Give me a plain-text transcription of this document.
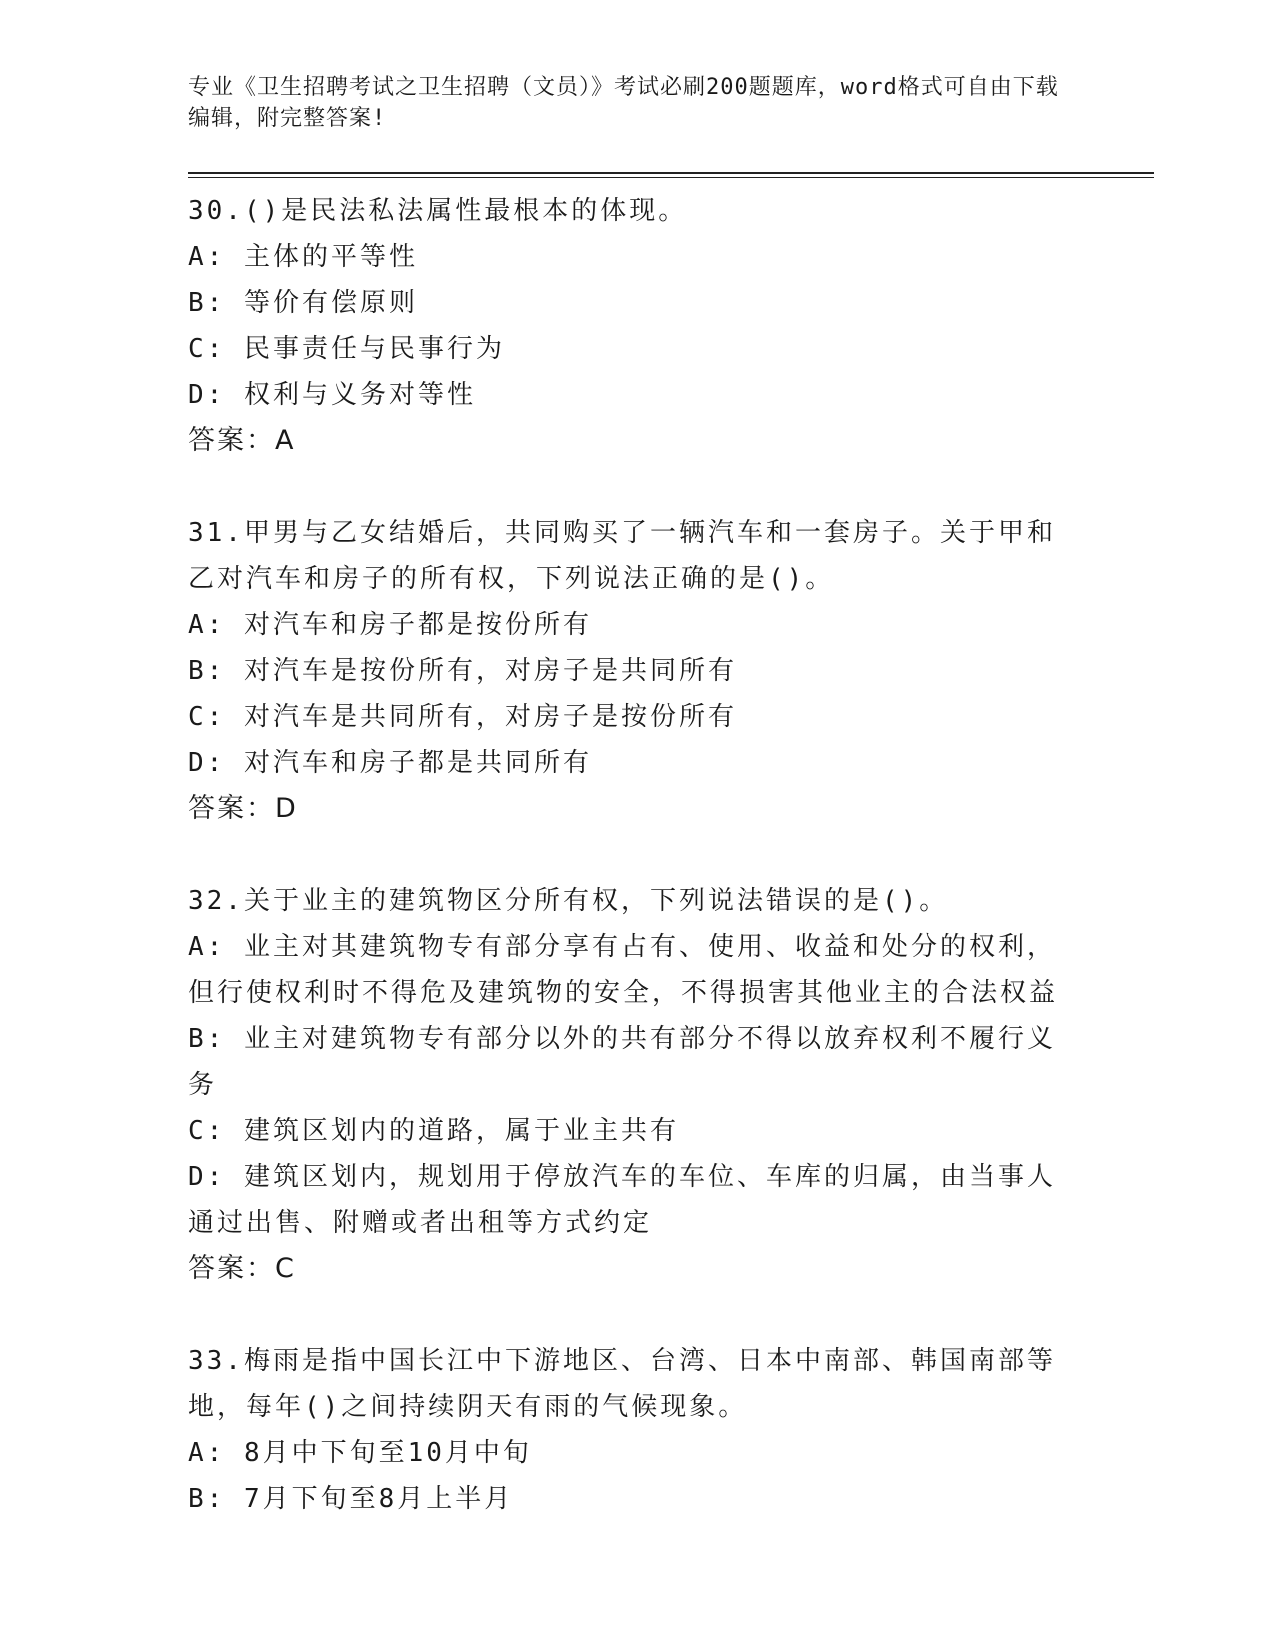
专业《卫生招聘考试之卫生招聘（文员）》考试必刷200题题库，word格式可自由下载编辑，附完整答案!

30.()是民法私法属性最根本的体现。

A: 主体的平等性

B: 等价有偿原则

C: 民事责任与民事行为

D: 权利与义务对等性

答案：A

31.甲男与乙女结婚后，共同购买了一辆汽车和一套房子。关于甲和乙对汽车和房子的所有权，下列说法正确的是()。

A: 对汽车和房子都是按份所有

B: 对汽车是按份所有，对房子是共同所有

C: 对汽车是共同所有，对房子是按份所有

D: 对汽车和房子都是共同所有

答案：D

32.关于业主的建筑物区分所有权，下列说法错误的是()。

A: 业主对其建筑物专有部分享有占有、使用、收益和处分的权利，但行使权利时不得危及建筑物的安全，不得损害其他业主的合法权益

B: 业主对建筑物专有部分以外的共有部分不得以放弃权利不履行义务

C: 建筑区划内的道路，属于业主共有

D: 建筑区划内，规划用于停放汽车的车位、车库的归属，由当事人通过出售、附赠或者出租等方式约定

答案：C

33.梅雨是指中国长江中下游地区、台湾、日本中南部、韩国南部等地，每年()之间持续阴天有雨的气候现象。

A: 8月中下旬至10月中旬

B: 7月下旬至8月上半月
